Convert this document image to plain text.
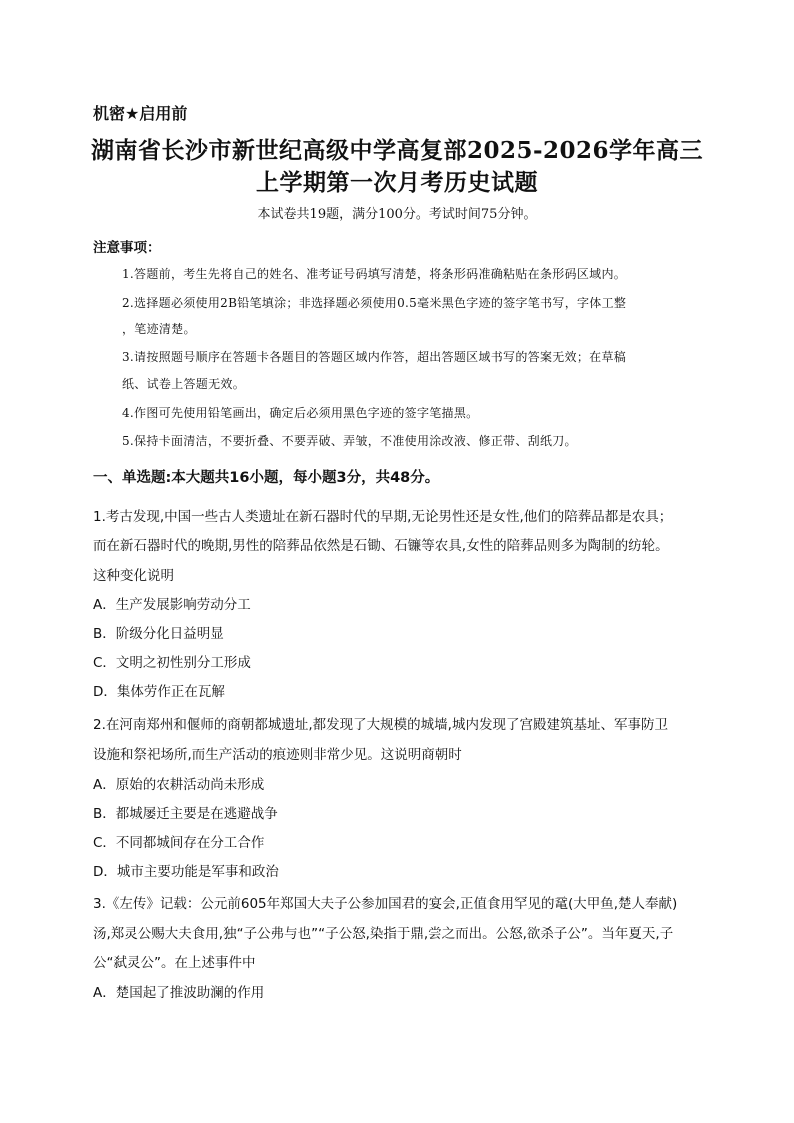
机密★启用前
湖南省长沙市新世纪高级中学高复部2025-2026学年高三
上学期第一次月考历史试题
本试卷共19题，满分100分。考试时间75分钟。
注意事项：
1.答题前，考生先将自己的姓名、准考证号码填写清楚，将条形码准确粘贴在条形码区域内。
2.选择题必须使用2B铅笔填涂；非选择题必须使用0.5毫米黑色字迹的签字笔书写，字体工整
，笔迹清楚。
3.请按照题号顺序在答题卡各题目的答题区域内作答，超出答题区域书写的答案无效；在草稿
纸、试卷上答题无效。
4.作图可先使用铅笔画出，确定后必须用黑色字迹的签字笔描黑。
5.保持卡面清洁，不要折叠、不要弄破、弄皱，不准使用涂改液、修正带、刮纸刀。
一、单选题:本大题共16小题，每小题3分，共48分。
1.考古发现,中国一些古人类遗址在新石器时代的早期,无论男性还是女性,他们的陪葬品都是农具；
而在新石器时代的晚期,男性的陪葬品依然是石锄、石镰等农具,女性的陪葬品则多为陶制的纺轮。
这种变化说明
A．生产发展影响劳动分工
B．阶级分化日益明显
C．文明之初性别分工形成
D．集体劳作正在瓦解
2.在河南郑州和偃师的商朝都城遗址,都发现了大规模的城墙,城内发现了宫殿建筑基址、军事防卫
设施和祭祀场所,而生产活动的痕迹则非常少见。这说明商朝时
A．原始的农耕活动尚未形成
B．都城屡迁主要是在逃避战争
C．不同都城间存在分工合作
D．城市主要功能是军事和政治
3.《左传》记载：公元前605年郑国大夫子公参加国君的宴会,正值食用罕见的鼋(大甲鱼,楚人奉献)
汤,郑灵公赐大夫食用,独“子公弗与也”“子公怒,染指于鼎,尝之而出。公怒,欲杀子公”。当年夏天,子
公“弑灵公”。在上述事件中
A．楚国起了推波助澜的作用
